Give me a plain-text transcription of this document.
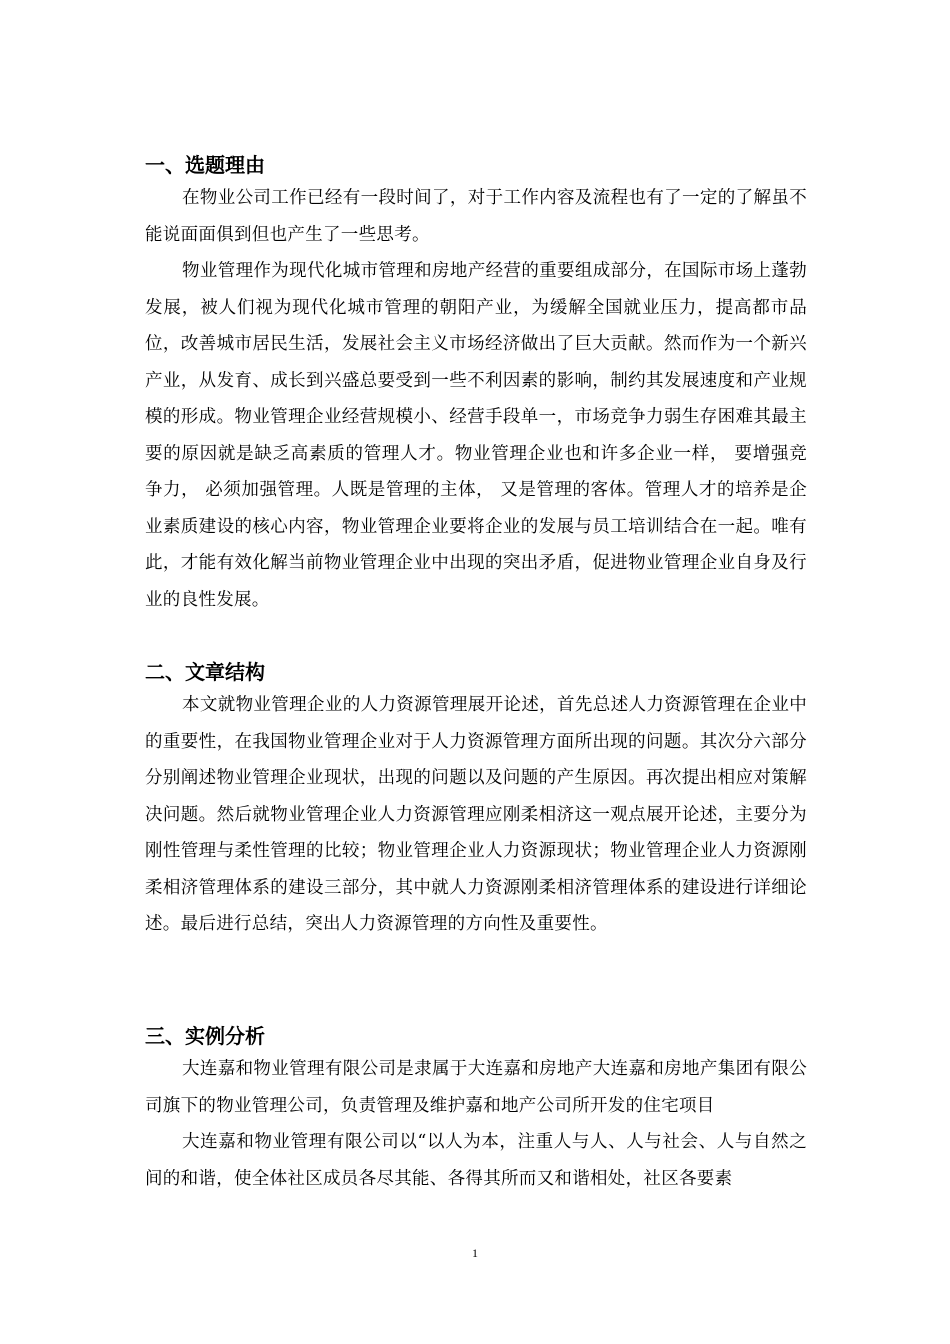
一、选题理由

在物业公司工作已经有一段时间了，对于工作内容及流程也有了一定的了解虽不能说面面俱到但也产生了一些思考。

物业管理作为现代化城市管理和房地产经营的重要组成部分，在国际市场上蓬勃发展，被人们视为现代化城市管理的朝阳产业，为缓解全国就业压力，提高都市品位，改善城市居民生活，发展社会主义市场经济做出了巨大贡献。然而作为一个新兴产业，从发育、成长到兴盛总要受到一些不利因素的影响，制约其发展速度和产业规模的形成。物业管理企业经营规模小、经营手段单一，市场竞争力弱生存困难其最主要的原因就是缺乏高素质的管理人才。物业管理企业也和许多企业一样， 要增强竞争力， 必须加强管理。人既是管理的主体， 又是管理的客体。管理人才的培养是企业素质建设的核心内容，物业管理企业要将企业的发展与员工培训结合在一起。唯有此，才能有效化解当前物业管理企业中出现的突出矛盾，促进物业管理企业自身及行业的良性发展。

二、文章结构

本文就物业管理企业的人力资源管理展开论述，首先总述人力资源管理在企业中的重要性，在我国物业管理企业对于人力资源管理方面所出现的问题。其次分六部分分别阐述物业管理企业现状，出现的问题以及问题的产生原因。再次提出相应对策解决问题。然后就物业管理企业人力资源管理应刚柔相济这一观点展开论述，主要分为刚性管理与柔性管理的比较；物业管理企业人力资源现状；物业管理企业人力资源刚柔相济管理体系的建设三部分，其中就人力资源刚柔相济管理体系的建设进行详细论述。最后进行总结，突出人力资源管理的方向性及重要性。

三、实例分析

大连嘉和物业管理有限公司是隶属于大连嘉和房地产大连嘉和房地产集团有限公司旗下的物业管理公司，负责管理及维护嘉和地产公司所开发的住宅项目

大连嘉和物业管理有限公司以“以人为本，注重人与人、人与社会、人与自然之间的和谐，使全体社区成员各尽其能、各得其所而又和谐相处，社区各要素

1
